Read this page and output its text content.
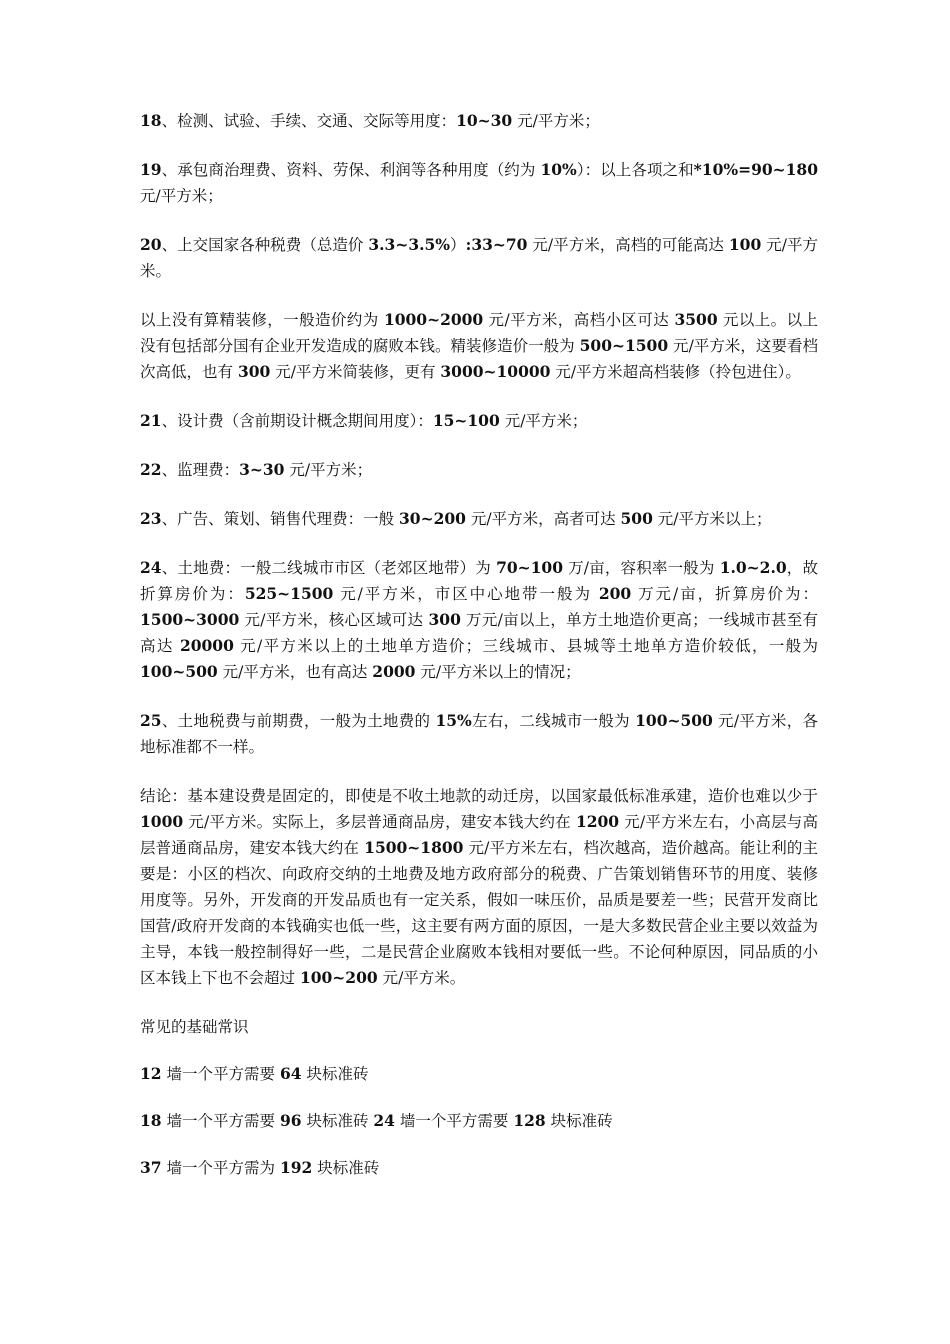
18、检测、试验、手续、交通、交际等用度：10~30 元/平方米；

19、承包商治理费、资料、劳保、利润等各种用度（约为 10%）：以上各项之和*10%=90~180 元/平方米；

20、上交国家各种税费（总造价 3.3~3.5%）:33~70 元/平方米，高档的可能高达 100 元/平方米。

以上没有算精装修，一般造价约为 1000~2000 元/平方米，高档小区可达 3500 元以上。以上没有包括部分国有企业开发造成的腐败本钱。精装修造价一般为 500~1500 元/平方米，这要看档次高低，也有 300 元/平方米简装修，更有 3000~10000 元/平方米超高档装修（拎包进住）。

21、设计费（含前期设计概念期间用度）：15~100 元/平方米；

22、监理费：3~30 元/平方米；

23、广告、策划、销售代理费：一般 30~200 元/平方米，高者可达 500 元/平方米以上；

24、土地费：一般二线城市市区（老郊区地带）为 70~100 万/亩，容积率一般为 1.0~2.0，故折算房价为：525~1500 元/平方米，市区中心地带一般为 200 万元/亩，折算房价为：1500~3000 元/平方米，核心区域可达 300 万元/亩以上，单方土地造价更高；一线城市甚至有高达 20000 元/平方米以上的土地单方造价；三线城市、县城等土地单方造价较低，一般为 100~500 元/平方米，也有高达 2000 元/平方米以上的情况；

25、土地税费与前期费，一般为土地费的 15%左右，二线城市一般为 100~500 元/平方米，各地标准都不一样。

结论：基本建设费是固定的，即使是不收土地款的动迁房，以国家最低标准承建，造价也难以少于 1000 元/平方米。实际上，多层普通商品房，建安本钱大约在 1200 元/平方米左右，小高层与高层普通商品房，建安本钱大约在 1500~1800 元/平方米左右，档次越高，造价越高。能让利的主要是：小区的档次、向政府交纳的土地费及地方政府部分的税费、广告策划销售环节的用度、装修用度等。另外，开发商的开发品质也有一定关系，假如一味压价，品质是要差一些；民营开发商比国营/政府开发商的本钱确实也低一些，这主要有两方面的原因，一是大多数民营企业主要以效益为主导，本钱一般控制得好一些，二是民营企业腐败本钱相对要低一些。不论何种原因，同品质的小区本钱上下也不会超过 100~200 元/平方米。

常见的基础常识

12 墙一个平方需要 64 块标准砖

18 墙一个平方需要 96 块标准砖 24 墙一个平方需要 128 块标准砖

37 墙一个平方需为 192 块标准砖
